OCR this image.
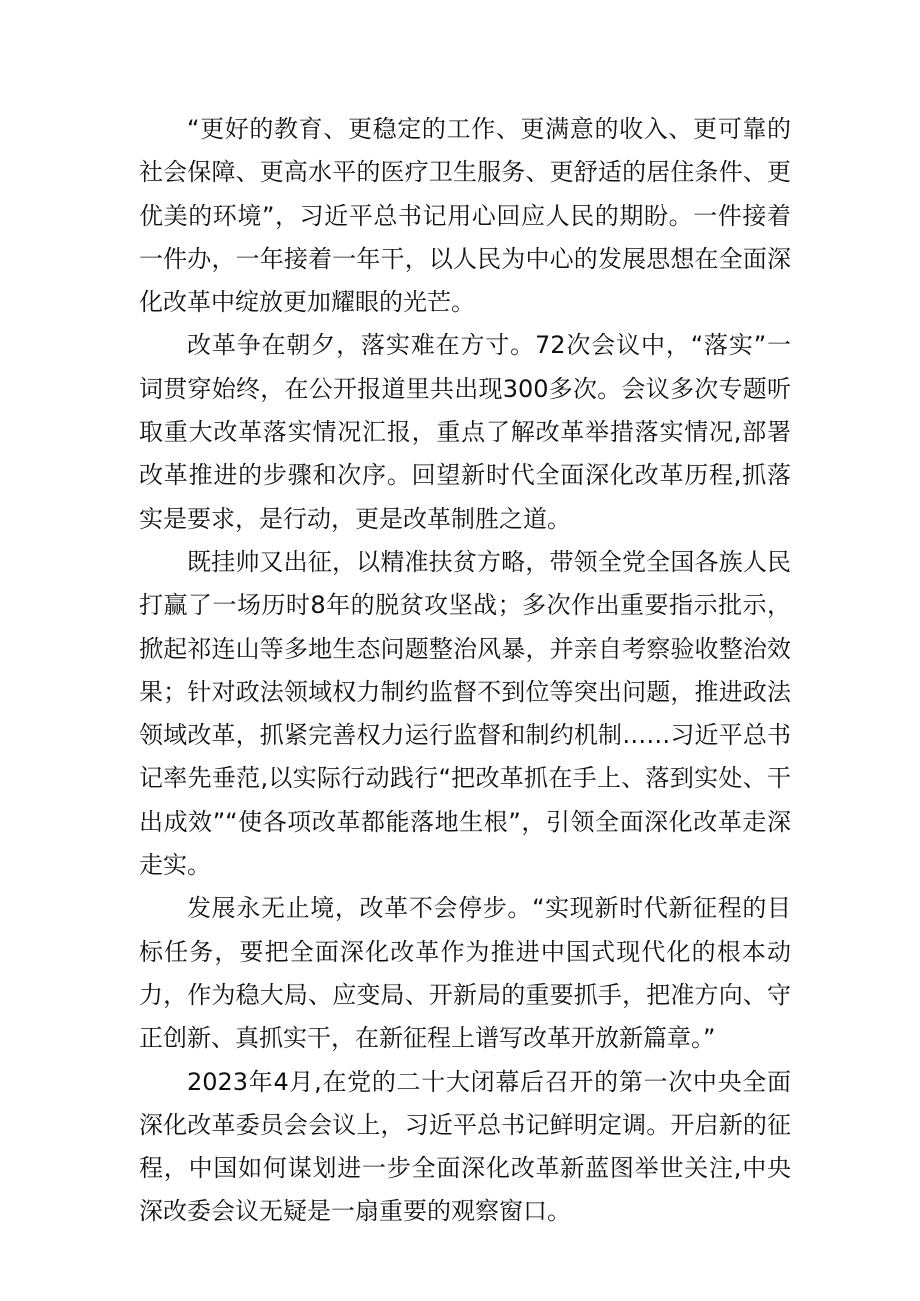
“更好的教育、更稳定的工作、更满意的收入、更可靠的社会保障、更高水平的医疗卫生服务、更舒适的居住条件、更优美的环境”，习近平总书记用心回应人民的期盼。一件接着一件办，一年接着一年干，以人民为中心的发展思想在全面深化改革中绽放更加耀眼的光芒。

改革争在朝夕，落实难在方寸。72次会议中，“落实”一词贯穿始终，在公开报道里共出现300多次。会议多次专题听取重大改革落实情况汇报，重点了解改革举措落实情况,部署改革推进的步骤和次序。回望新时代全面深化改革历程,抓落实是要求，是行动，更是改革制胜之道。

既挂帅又出征，以精准扶贫方略，带领全党全国各族人民打赢了一场历时8年的脱贫攻坚战；多次作出重要指示批示，掀起祁连山等多地生态问题整治风暴，并亲自考察验收整治效果；针对政法领域权力制约监督不到位等突出问题，推进政法领域改革，抓紧完善权力运行监督和制约机制……习近平总书记率先垂范,以实际行动践行“把改革抓在手上、落到实处、干出成效”“使各项改革都能落地生根”，引领全面深化改革走深走实。

发展永无止境，改革不会停步。“实现新时代新征程的目标任务，要把全面深化改革作为推进中国式现代化的根本动力，作为稳大局、应变局、开新局的重要抓手，把准方向、守正创新、真抓实干，在新征程上谱写改革开放新篇章。”

2023年4月,在党的二十大闭幕后召开的第一次中央全面深化改革委员会会议上，习近平总书记鲜明定调。开启新的征程，中国如何谋划进一步全面深化改革新蓝图举世关注,中央深改委会议无疑是一扇重要的观察窗口。
